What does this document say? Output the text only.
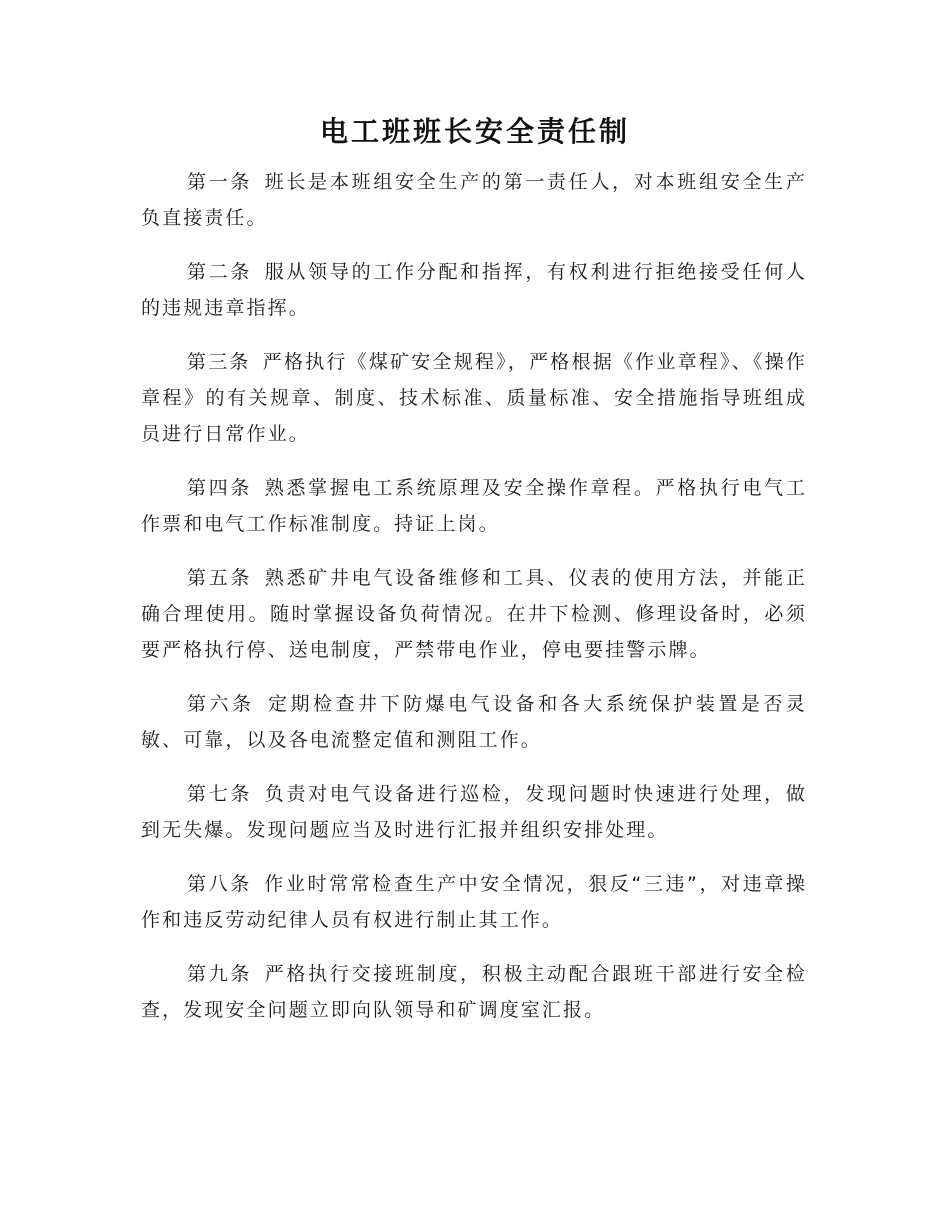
电工班班长安全责任制

第一条 班长是本班组安全生产的第一责任人，对本班组安全生产负直接责任。

第二条 服从领导的工作分配和指挥，有权利进行拒绝接受任何人的违规违章指挥。

第三条 严格执行《煤矿安全规程》，严格根据《作业章程》、《操作章程》的有关规章、制度、技术标准、质量标准、安全措施指导班组成员进行日常作业。

第四条 熟悉掌握电工系统原理及安全操作章程。严格执行电气工作票和电气工作标准制度。持证上岗。

第五条 熟悉矿井电气设备维修和工具、仪表的使用方法，并能正确合理使用。随时掌握设备负荷情况。在井下检测、修理设备时，必须要严格执行停、送电制度，严禁带电作业，停电要挂警示牌。

第六条 定期检查井下防爆电气设备和各大系统保护装置是否灵敏、可靠，以及各电流整定值和测阻工作。

第七条 负责对电气设备进行巡检，发现问题时快速进行处理，做到无失爆。发现问题应当及时进行汇报并组织安排处理。

第八条 作业时常常检查生产中安全情况，狠反“三违”，对违章操作和违反劳动纪律人员有权进行制止其工作。

第九条 严格执行交接班制度，积极主动配合跟班干部进行安全检查，发现安全问题立即向队领导和矿调度室汇报。
